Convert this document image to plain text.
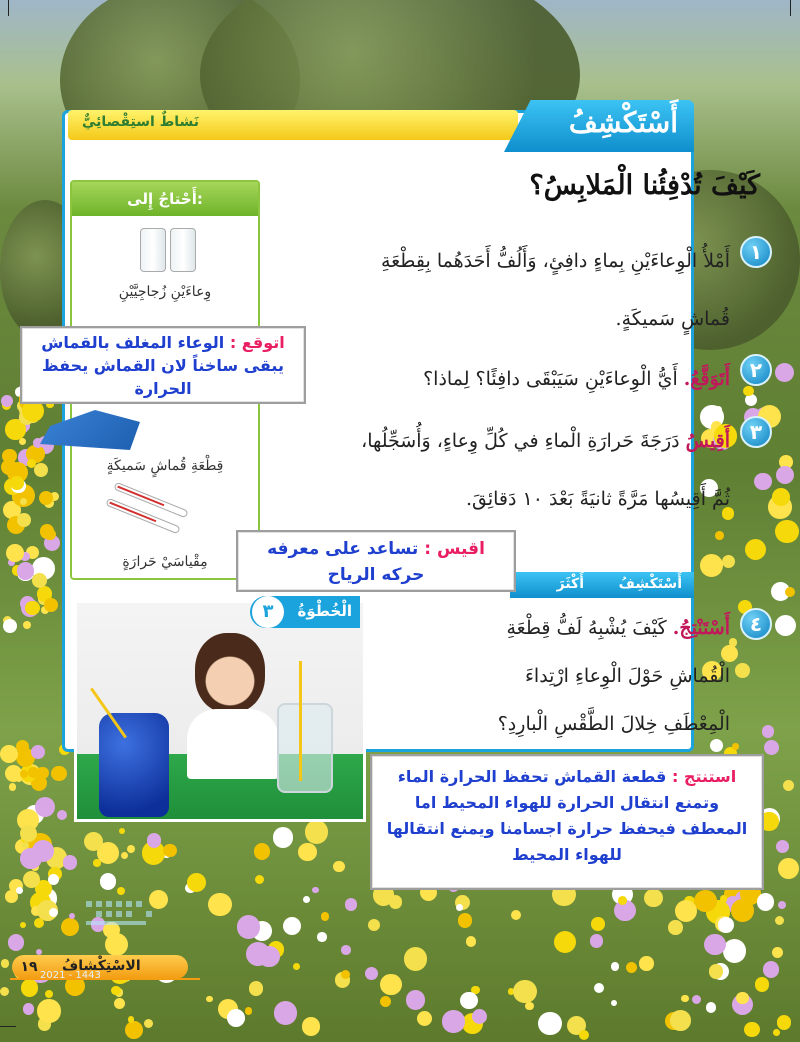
نَشاطٌ استِقْصائِيٌّ	أَسْتَكْشِفُ
كَيْفَ تُدْفِئُنا الْمَلابِسُ؟
١
أَمْلأُ الْوِعاءَيْنِ بِماءٍ دافِئٍ، وَأَلُفُّ أَحَدَهُما بِقِطْعَةِ قُماشٍ سَميكَةٍ.
٢
أَتَوَقَّعُ. أَيُّ الْوِعاءَيْنِ سَيَبْقَى دافِئًا؟ لِماذا؟
٣
أَقِيسُ دَرَجَةَ حَرارَةِ الْماءِ في كُلِّ وِعاءٍ، وَأُسَجِّلُها، ثُمَّ أَقِيسُها مَرَّةً ثانيَةً بَعْدَ ١٠ دَقائِقَ.
أَحْتاجُ إِلى:
وِعاءَيْنِ زُجاجِيَّيْنِ
قِطْعَةِ قُماشٍ سَميكَةٍ
مِقْياسَيْ حَرارَةٍ
أَسْتَكْشِفُ
أَكْثَرَ
٤
أَسْتَنْتِجُ. كَيْفَ يُشْبِهُ لَفُّ قِطْعَةِ الْقُماشِ حَوْلَ الْوِعاءِ ارْتِداءَ الْمِعْطَفِ خِلالَ الطَّقْسِ الْبارِدِ؟
الْخُطْوَةُ
٣
اتوقع : الوعاء المغلف بالقماش يبقى ساخناً لان القماش يحفظ الحرارة
اقيس : تساعد على معرفه حركه الرياح
استنتج : قطعة القماش تحفظ الحرارة الماء وتمنع انتقال الحرارة للهواء المحيط اما المعطف فيحفظ حرارة اجسامنا ويمنع انتقالها للهواء المحيط
١٩ الاسْتِكْشافُ
2021 - 1443
